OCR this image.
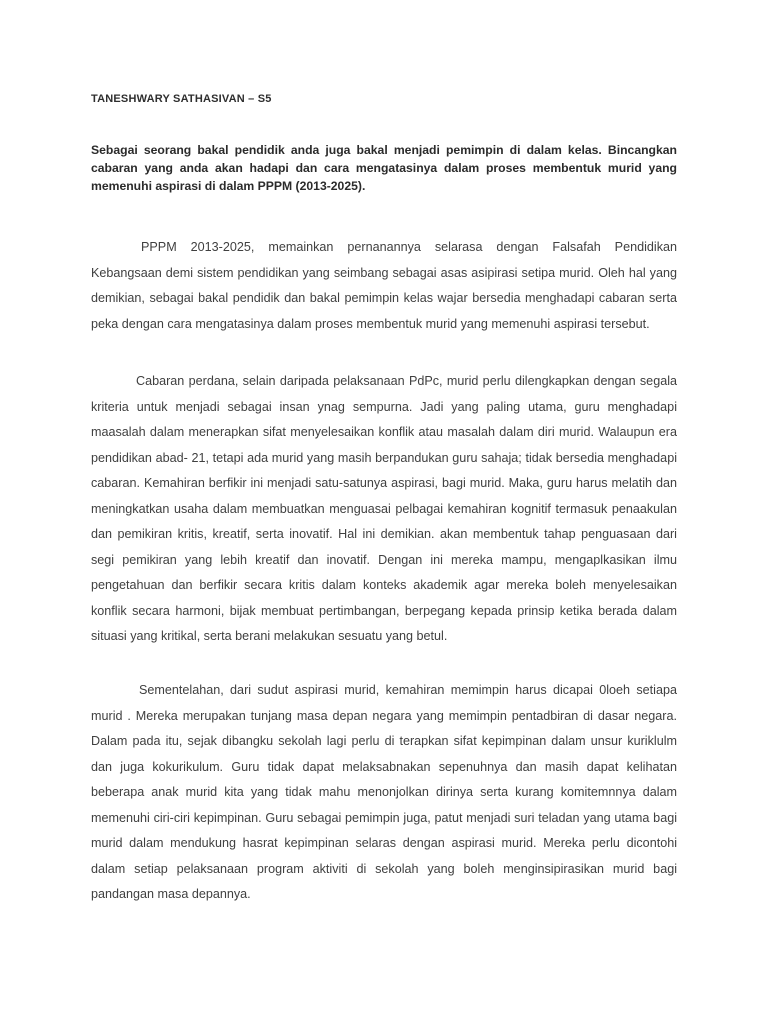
TANESHWARY SATHASIVAN – S5

Sebagai seorang bakal pendidik anda juga bakal menjadi pemimpin di dalam kelas. Bincangkan cabaran yang anda akan hadapi dan cara mengatasinya dalam proses membentuk murid yang memenuhi aspirasi di dalam PPPM (2013-2025).

PPPM 2013-2025, memainkan pernanannya selarasa dengan Falsafah Pendidikan Kebangsaan demi sistem pendidikan yang seimbang sebagai asas asipirasi setipa murid. Oleh hal yang demikian, sebagai bakal pendidik dan bakal pemimpin kelas wajar bersedia menghadapi cabaran serta peka dengan cara mengatasinya dalam proses membentuk murid yang memenuhi aspirasi tersebut.

Cabaran perdana, selain daripada pelaksanaan PdPc, murid perlu dilengkapkan dengan segala kriteria untuk menjadi sebagai insan ynag sempurna. Jadi yang paling utama, guru menghadapi maasalah dalam menerapkan sifat menyelesaikan konflik atau masalah dalam diri murid. Walaupun era pendidikan abad- 21, tetapi ada murid yang masih berpandukan guru sahaja; tidak bersedia menghadapi cabaran. Kemahiran berfikir ini menjadi satu-satunya aspirasi, bagi murid. Maka, guru harus melatih dan meningkatkan usaha dalam membuatkan menguasai pelbagai kemahiran kognitif termasuk penaakulan dan pemikiran kritis, kreatif, serta inovatif. Hal ini demikian. akan membentuk tahap penguasaan dari segi pemikiran yang lebih kreatif dan inovatif. Dengan ini mereka mampu, mengaplkasikan ilmu pengetahuan dan berfikir secara kritis dalam konteks akademik agar mereka boleh menyelesaikan konflik secara harmoni, bijak membuat pertimbangan, berpegang kepada prinsip ketika berada dalam situasi yang kritikal, serta berani melakukan sesuatu yang betul.

Sementelahan, dari sudut aspirasi murid, kemahiran memimpin harus dicapai 0loeh setiapa murid . Mereka merupakan tunjang masa depan negara yang memimpin pentadbiran di dasar negara. Dalam pada itu, sejak dibangku sekolah lagi perlu di terapkan sifat kepimpinan dalam unsur kuriklulm dan juga kokurikulum. Guru tidak dapat melaksabnakan sepenuhnya dan masih dapat kelihatan beberapa anak murid kita yang tidak mahu menonjolkan dirinya serta kurang komitemnnya dalam memenuhi ciri-ciri kepimpinan. Guru sebagai pemimpin juga, patut menjadi suri teladan yang utama bagi murid dalam mendukung hasrat kepimpinan selaras dengan aspirasi murid. Mereka perlu dicontohi dalam setiap pelaksanaan program aktiviti di sekolah yang boleh menginsipirasikan murid bagi pandangan masa depannya.
